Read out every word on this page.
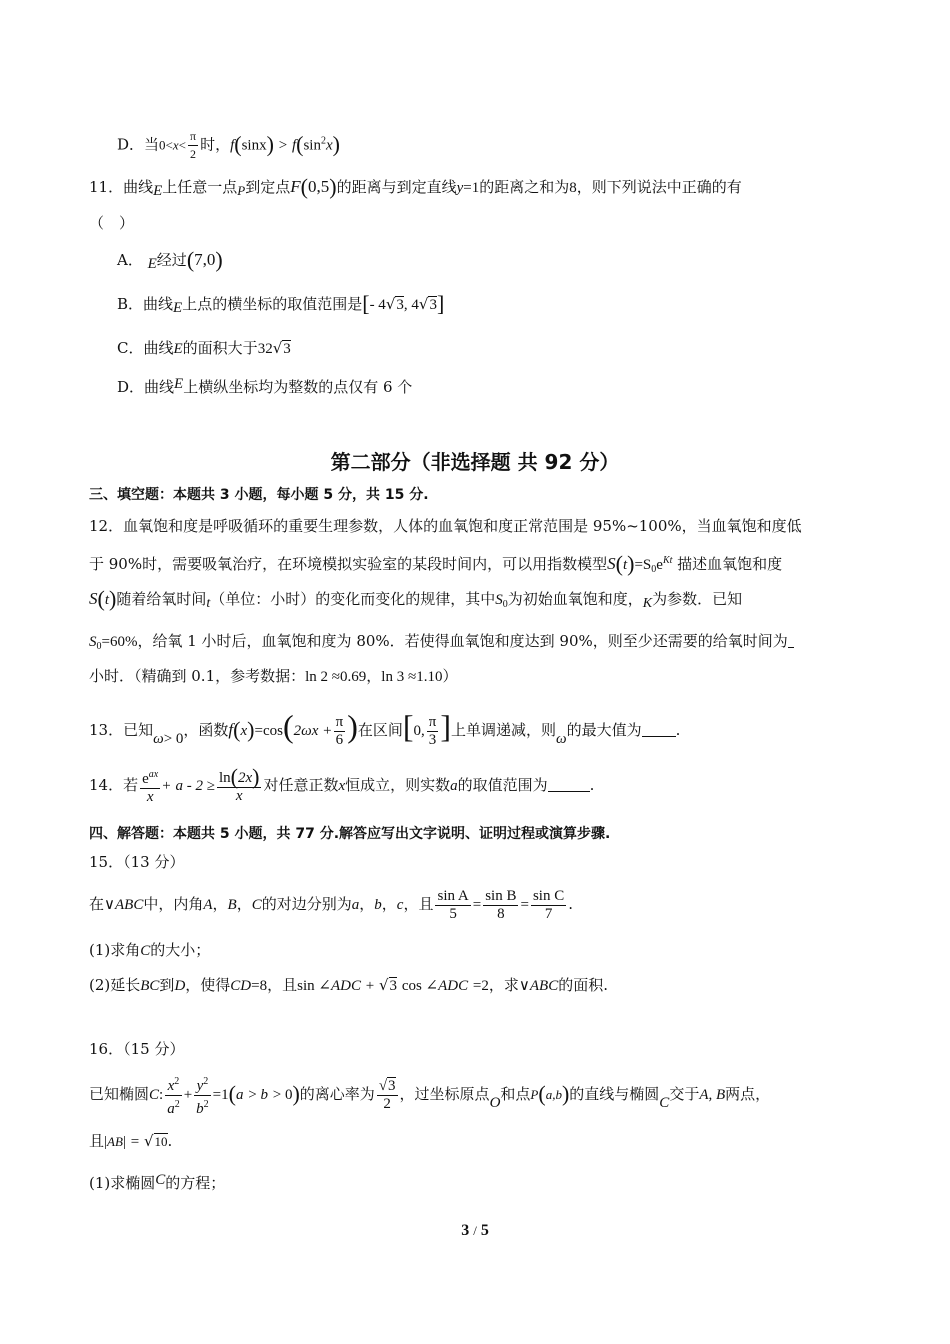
D．当$0<x< \frac{\pi}{2}$ 时，$f(\sin x) > f(\sin^2x)$
11．曲线E上任意一点P到定点F(0,5)的距离与到定直线y=1的距离之和为8，则下列说法中正确的有
（　）
A． E经过(7,0)
B．曲线E上点的横坐标的取值范围是[- 4√3, 4√3]
C．曲线E的面积大于32√3
D．曲线E上横纵坐标均为整数的点仅有 6 个
第二部分（非选择题 共 92 分）
三、填空题：本题共 3 小题，每小题 5 分，共 15 分.
12．血氧饱和度是呼吸循环的重要生理参数，人体的血氧饱和度正常范围是 95%~100%，当血氧饱和度低
于 90%时，需要吸氧治疗，在环境模拟实验室的某段时间内，可以用指数模型$S(t)=S_0e^{Kt}$ 描述血氧饱和度
S(t)随着给氧时间t（单位：小时）的变化而变化的规律，其中$S_0$为初始血氧饱和度，K为参数．已知
$S_0=60\%$，给氧 1 小时后，血氧饱和度为 80%．若使得血氧饱和度达到 90%，则至少还需要的给氧时间为
小时．（精确到 0.1，参考数据：ln 2 ≈0.69，ln 3 ≈1.10）
13．已知ω> 0，函数$f(x)=\cos(2\omega x + \frac{\pi}{6}$ )在区间[0, $\frac{\pi}{3}$ ]上单调递减，则ω的最大值为 .
14．若 $\frac{e^{ax}}{x} + a - 2 \ge \frac{\ln(2x)}{x}$ 对任意正数x恒成立，则实数a的取值范围为	.
四、解答题：本题共 5 小题，共 77 分.解答应写出文字说明、证明过程或演算步骤.
15．（13 分）
在∨ABC中，内角A，B，C的对边分别为a，b，c，且 $\frac{\text{sin A}}{5} = \frac{\text{sin B}}{8} = \frac{\text{sin C}}{7}$ .
(1)求角C的大小；
(2)延长BC到D，使得CD=8，且sin ∠ADC + √3 cos ∠ADC =2，求∨ABC的面积.
16．（15 分）
已知椭圆C: $\frac{x^2}{a^2} + \frac{y^2}{b^2} =1(a > b > 0)$的离心率为 $\frac{√3}{2}$ ，过坐标原点O和点P(a,b)的直线与椭圆C交于A, B两点，
且|AB| = √10.
(1)求椭圆C的方程；
3 / 5
